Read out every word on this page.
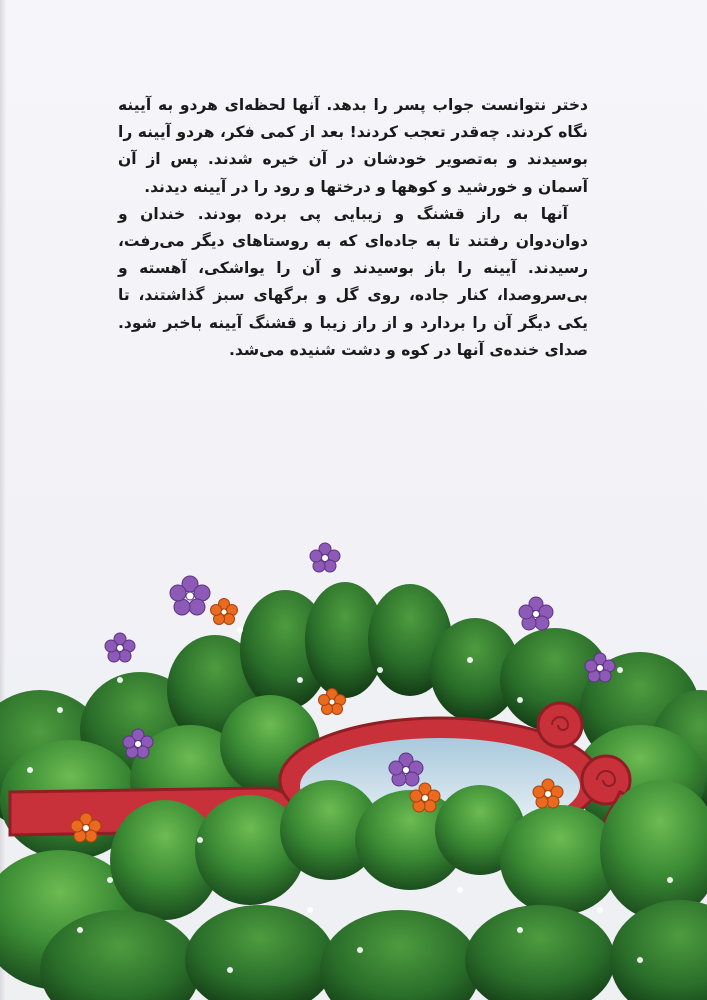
دختر نتوانست جواب پسر را بدهد. آنها لحظه‌ای هردو به آیینه نگاه کردند. چه‌قدر تعجب کردند! بعد از کمی فکر، هردو آیینه را بوسیدند و به‌تصویر خودشان در آن خیره شدند. پس از آن آسمان و خورشید و کوهها و درختها و رود را در آیینه دیدند.

آنها به راز قشنگ و زیبایی پی برده بودند. خندان و دوان‌دوان رفتند تا به جاده‌ای که به روستاهای دیگر می‌رفت، رسیدند. آیینه را باز بوسیدند و آن را یواشکی، آهسته و بی‌سروصدا، کنار جاده، روی گل و برگهای سبز گذاشتند، تا یکی دیگر آن را بردارد و از راز زیبا و قشنگ آیینه باخبر شود. صدای خنده‌ی آنها در کوه و دشت شنیده می‌شد.
